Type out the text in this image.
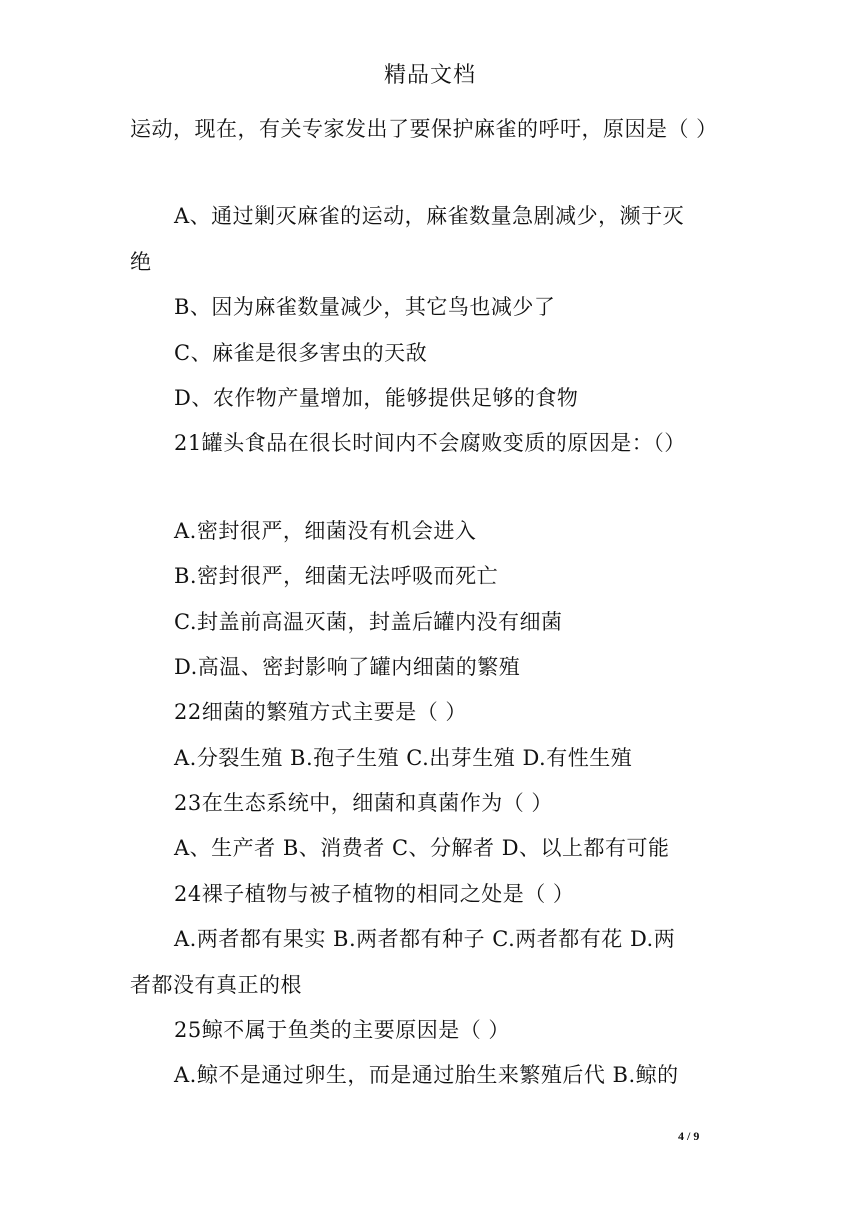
精品文档
运动，现在，有关专家发出了要保护麻雀的呼吁，原因是（ ）
A、通过剿灭麻雀的运动，麻雀数量急剧减少，濒于灭
绝
B、因为麻雀数量减少，其它鸟也减少了
C、麻雀是很多害虫的天敌
D、农作物产量增加，能够提供足够的食物
21罐头食品在很长时间内不会腐败变质的原因是：（）
A.密封很严，细菌没有机会进入
B.密封很严，细菌无法呼吸而死亡
C.封盖前高温灭菌，封盖后罐内没有细菌
D.高温、密封影响了罐内细菌的繁殖
22细菌的繁殖方式主要是（ ）
A.分裂生殖 B.孢子生殖 C.出芽生殖 D.有性生殖
23在生态系统中，细菌和真菌作为（ ）
A、生产者 B、消费者 C、分解者 D、以上都有可能
24裸子植物与被子植物的相同之处是（ ）
A.两者都有果实 B.两者都有种子 C.两者都有花 D.两
者都没有真正的根
25鲸不属于鱼类的主要原因是（ ）
A.鲸不是通过卵生，而是通过胎生来繁殖后代 B.鲸的
4 / 9
